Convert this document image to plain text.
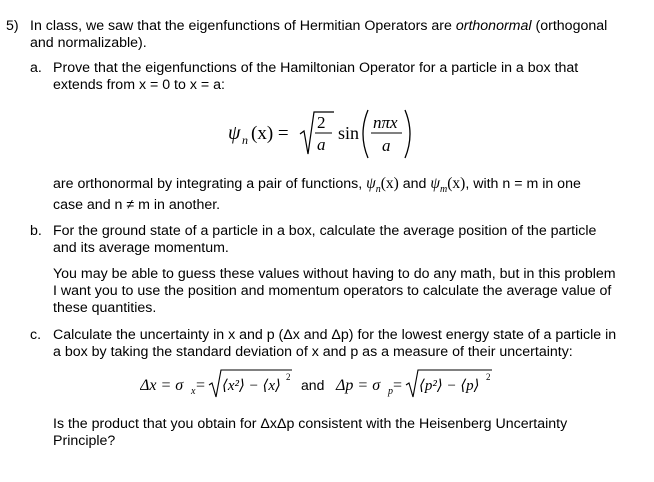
5) In class, we saw that the eigenfunctions of Hermitian Operators are orthonormal (orthogonal
and normalizable).
a. Prove that the eigenfunctions of the Hamiltonian Operator for a particle in a box that
extends from x = 0 to x = a:
ψ n (x) =
2
a
sin
nπx
a
are orthonormal by integrating a pair of functions, $\psi_n(x)$ and $\psi_m(x)$, with n = m in one
case and n ≠ m in another.
b. For the ground state of a particle in a box, calculate the average position of the particle
and its average momentum.
You may be able to guess these values without having to do any math, but in this problem
I want you to use the position and momentum operators to calculate the average value of
these quantities.
c. Calculate the uncertainty in x and p (Δx and Δp) for the lowest energy state of a particle in
a box by taking the standard deviation of x and p as a measure of their uncertainty:
Δx = σ x = ⟨x²⟩ − ⟨x⟩
2 and Δp = σ p = ⟨p²⟩ − ⟨p⟩
2
Is the product that you obtain for ΔxΔp consistent with the Heisenberg Uncertainty
Principle?
